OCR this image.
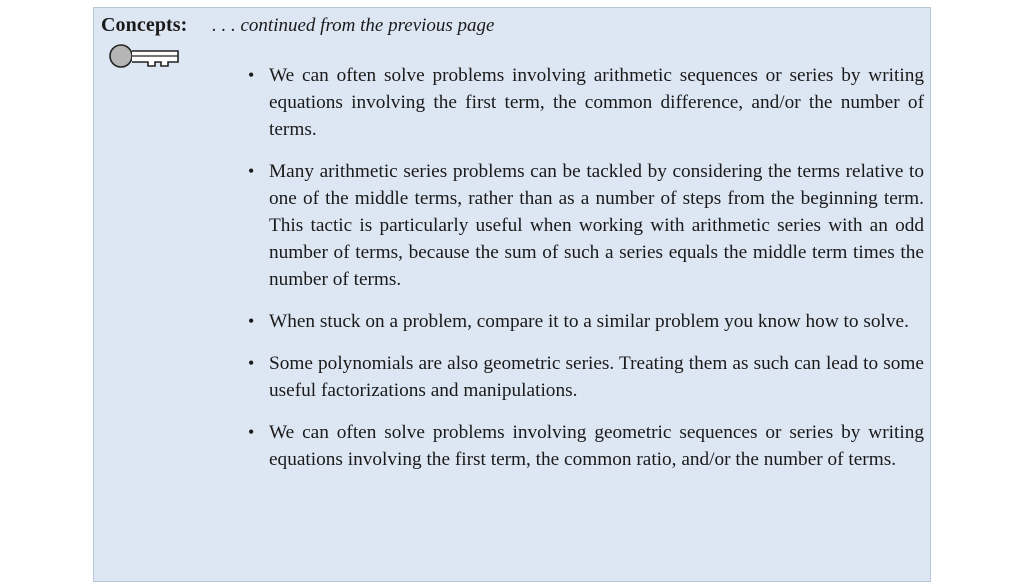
Concepts: . . . continued from the previous page
• We can often solve problems involving arithmetic sequences or series by writing equations involving the first term, the common difference, and/or the number of terms.
• Many arithmetic series problems can be tackled by considering the terms relative to one of the middle terms, rather than as a number of steps from the beginning term. This tactic is particularly useful when working with arithmetic series with an odd number of terms, because the sum of such a series equals the middle term times the number of terms.
• When stuck on a problem, compare it to a similar problem you know how to solve.
• Some polynomials are also geometric series. Treating them as such can lead to some useful factorizations and manipulations.
• We can often solve problems involving geometric sequences or series by writing equations involving the first term, the common ratio, and/or the number of terms.
